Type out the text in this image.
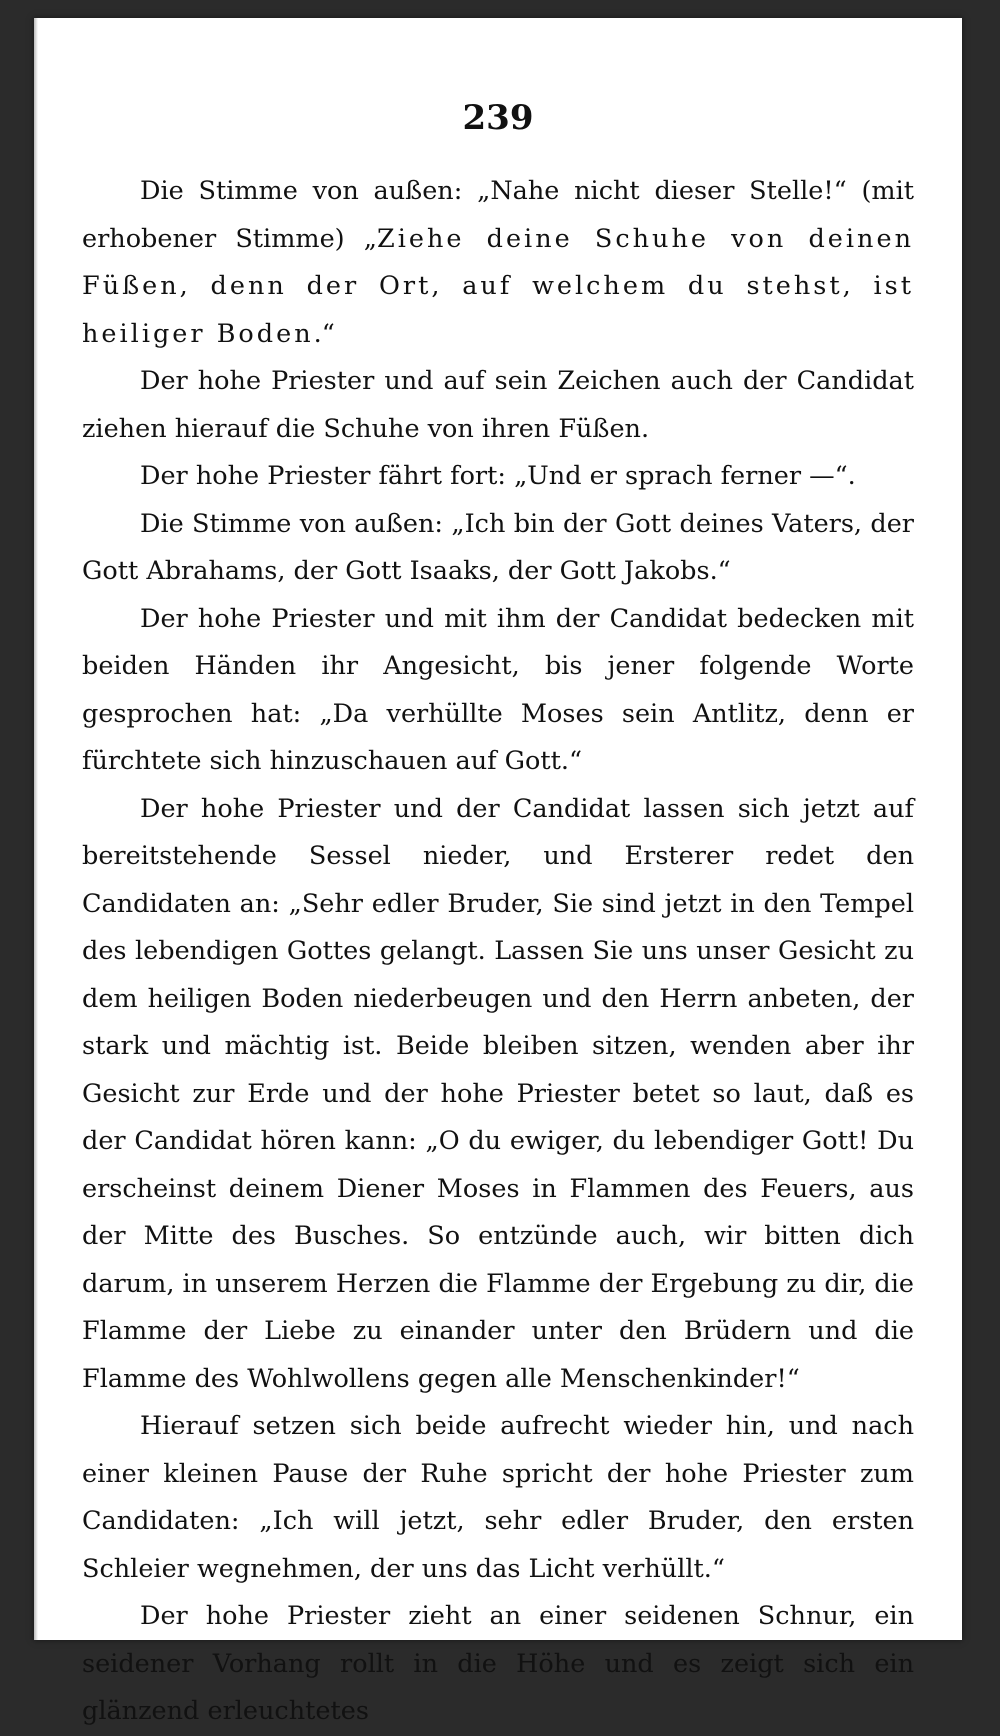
239

Die Stimme von außen: „Nahe nicht dieser Stelle!“ (mit erhobener Stimme) „Ziehe deine Schuhe von deinen Füßen, denn der Ort, auf welchem du stehst, ist heiliger Boden.“

Der hohe Priester und auf sein Zeichen auch der Candidat ziehen hierauf die Schuhe von ihren Füßen.

Der hohe Priester fährt fort: „Und er sprach ferner —“.

Die Stimme von außen: „Ich bin der Gott deines Vaters, der Gott Abrahams, der Gott Isaaks, der Gott Jakobs.“

Der hohe Priester und mit ihm der Candidat bedecken mit beiden Händen ihr Angesicht, bis jener folgende Worte gesprochen hat: „Da verhüllte Moses sein Antlitz, denn er fürchtete sich hinzuschauen auf Gott.“

Der hohe Priester und der Candidat lassen sich jetzt auf bereitstehende Sessel nieder, und Ersterer redet den Candidaten an: „Sehr edler Bruder, Sie sind jetzt in den Tempel des lebendigen Gottes gelangt. Lassen Sie uns unser Gesicht zu dem heiligen Boden niederbeugen und den Herrn anbeten, der stark und mächtig ist. Beide bleiben sitzen, wenden aber ihr Gesicht zur Erde und der hohe Priester betet so laut, daß es der Candidat hören kann: „O du ewiger, du lebendiger Gott! Du erscheinst deinem Diener Moses in Flammen des Feuers, aus der Mitte des Busches. So entzünde auch, wir bitten dich darum, in unserem Herzen die Flamme der Ergebung zu dir, die Flamme der Liebe zu einander unter den Brüdern und die Flamme des Wohlwollens gegen alle Menschenkinder!“

Hierauf setzen sich beide aufrecht wieder hin, und nach einer kleinen Pause der Ruhe spricht der hohe Priester zum Candidaten: „Ich will jetzt, sehr edler Bruder, den ersten Schleier wegnehmen, der uns das Licht verhüllt.“

Der hohe Priester zieht an einer seidenen Schnur, ein seidener Vorhang rollt in die Höhe und es zeigt sich ein glänzend erleuchtetes
